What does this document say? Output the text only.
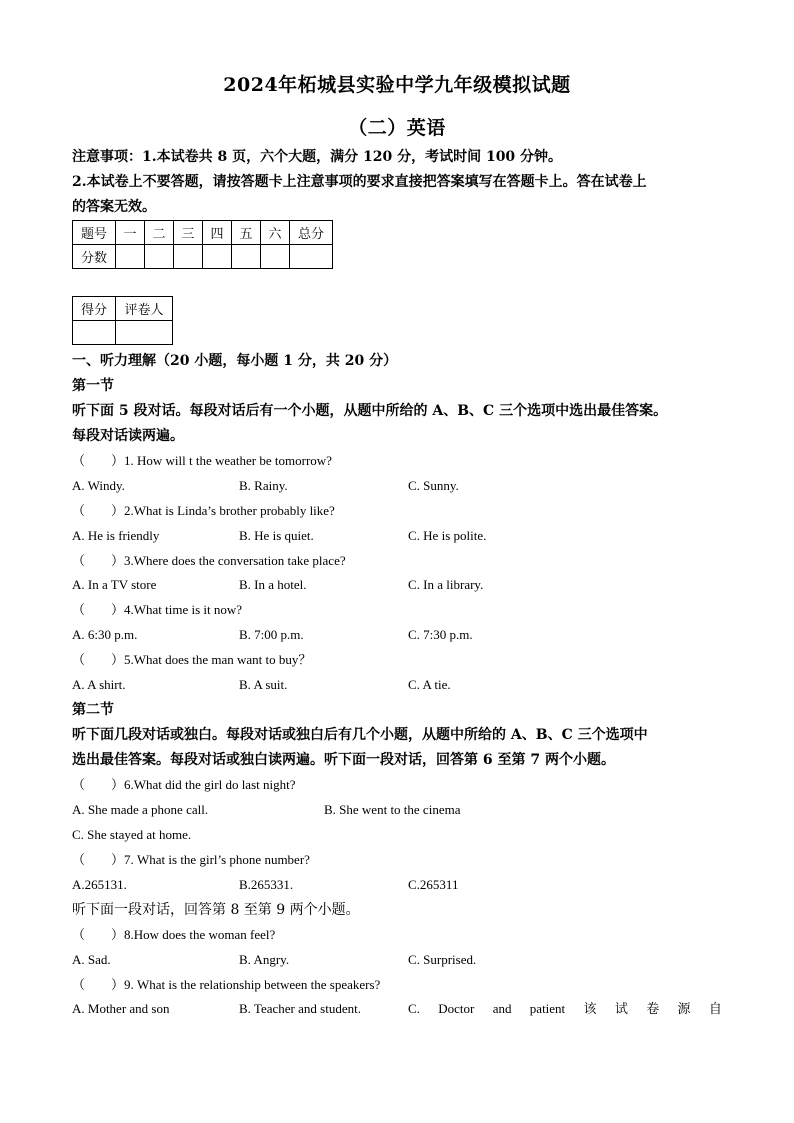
2024年柘城县实验中学九年级模拟试题
（二）英语
注意事项：1.本试卷共 8 页，六个大题，满分 120 分，考试时间 100 分钟。
2.本试卷上不要答题，请按答题卡上注意事项的要求直接把答案填写在答题卡上。答在试卷上
的答案无效。
题号	一	二	三	四	五	六	总分
分数							
得分	评卷人

一、听力理解（20 小题，每小题 1 分，共 20 分）
第一节
听下面 5 段对话。每段对话后有一个小题，从题中所给的 A、B、C 三个选项中选出最佳答案。
每段对话读两遍。
（　　）1. How will t the weather be tomorrow?
A. Windy.	B. Rainy.	C. Sunny.
（　　）2.What is Linda’s brother probably like?
A. He is friendly	B. He is quiet.	C. He is polite.
（　　）3.Where does the conversation take place?
A. In a TV store	B. In a hotel.	C. In a library.
（　　）4.What time is it now?
A. 6:30 p.m.	B. 7:00 p.m.	C. 7:30 p.m.
（　　）5.What does the man want to buy？
A. A shirt.	B. A suit.	C. A tie.
第二节
听下面几段对话或独白。每段对话或独白后有几个小题，从题中所给的 A、B、C 三个选项中
选出最佳答案。每段对话或独白读两遍。听下面一段对话，回答第 6 至第 7 两个小题。
（　　）6.What did the girl do last night?
A. She made a phone call.	B. She went to the cinema
C. She stayed at home.
（　　）7. What is the girl’s phone number?
A.265131.	B.265331.	C.265311
听下面一段对话，回答第 8 至第 9 两个小题。
（　　）8.How does the woman feel?
A. Sad.	B. Angry.	C. Surprised.
（　　）9. What is the relationship between the speakers?
A. Mother and son	B. Teacher and student.	C. Doctor and patient 该 试 卷 源 自
